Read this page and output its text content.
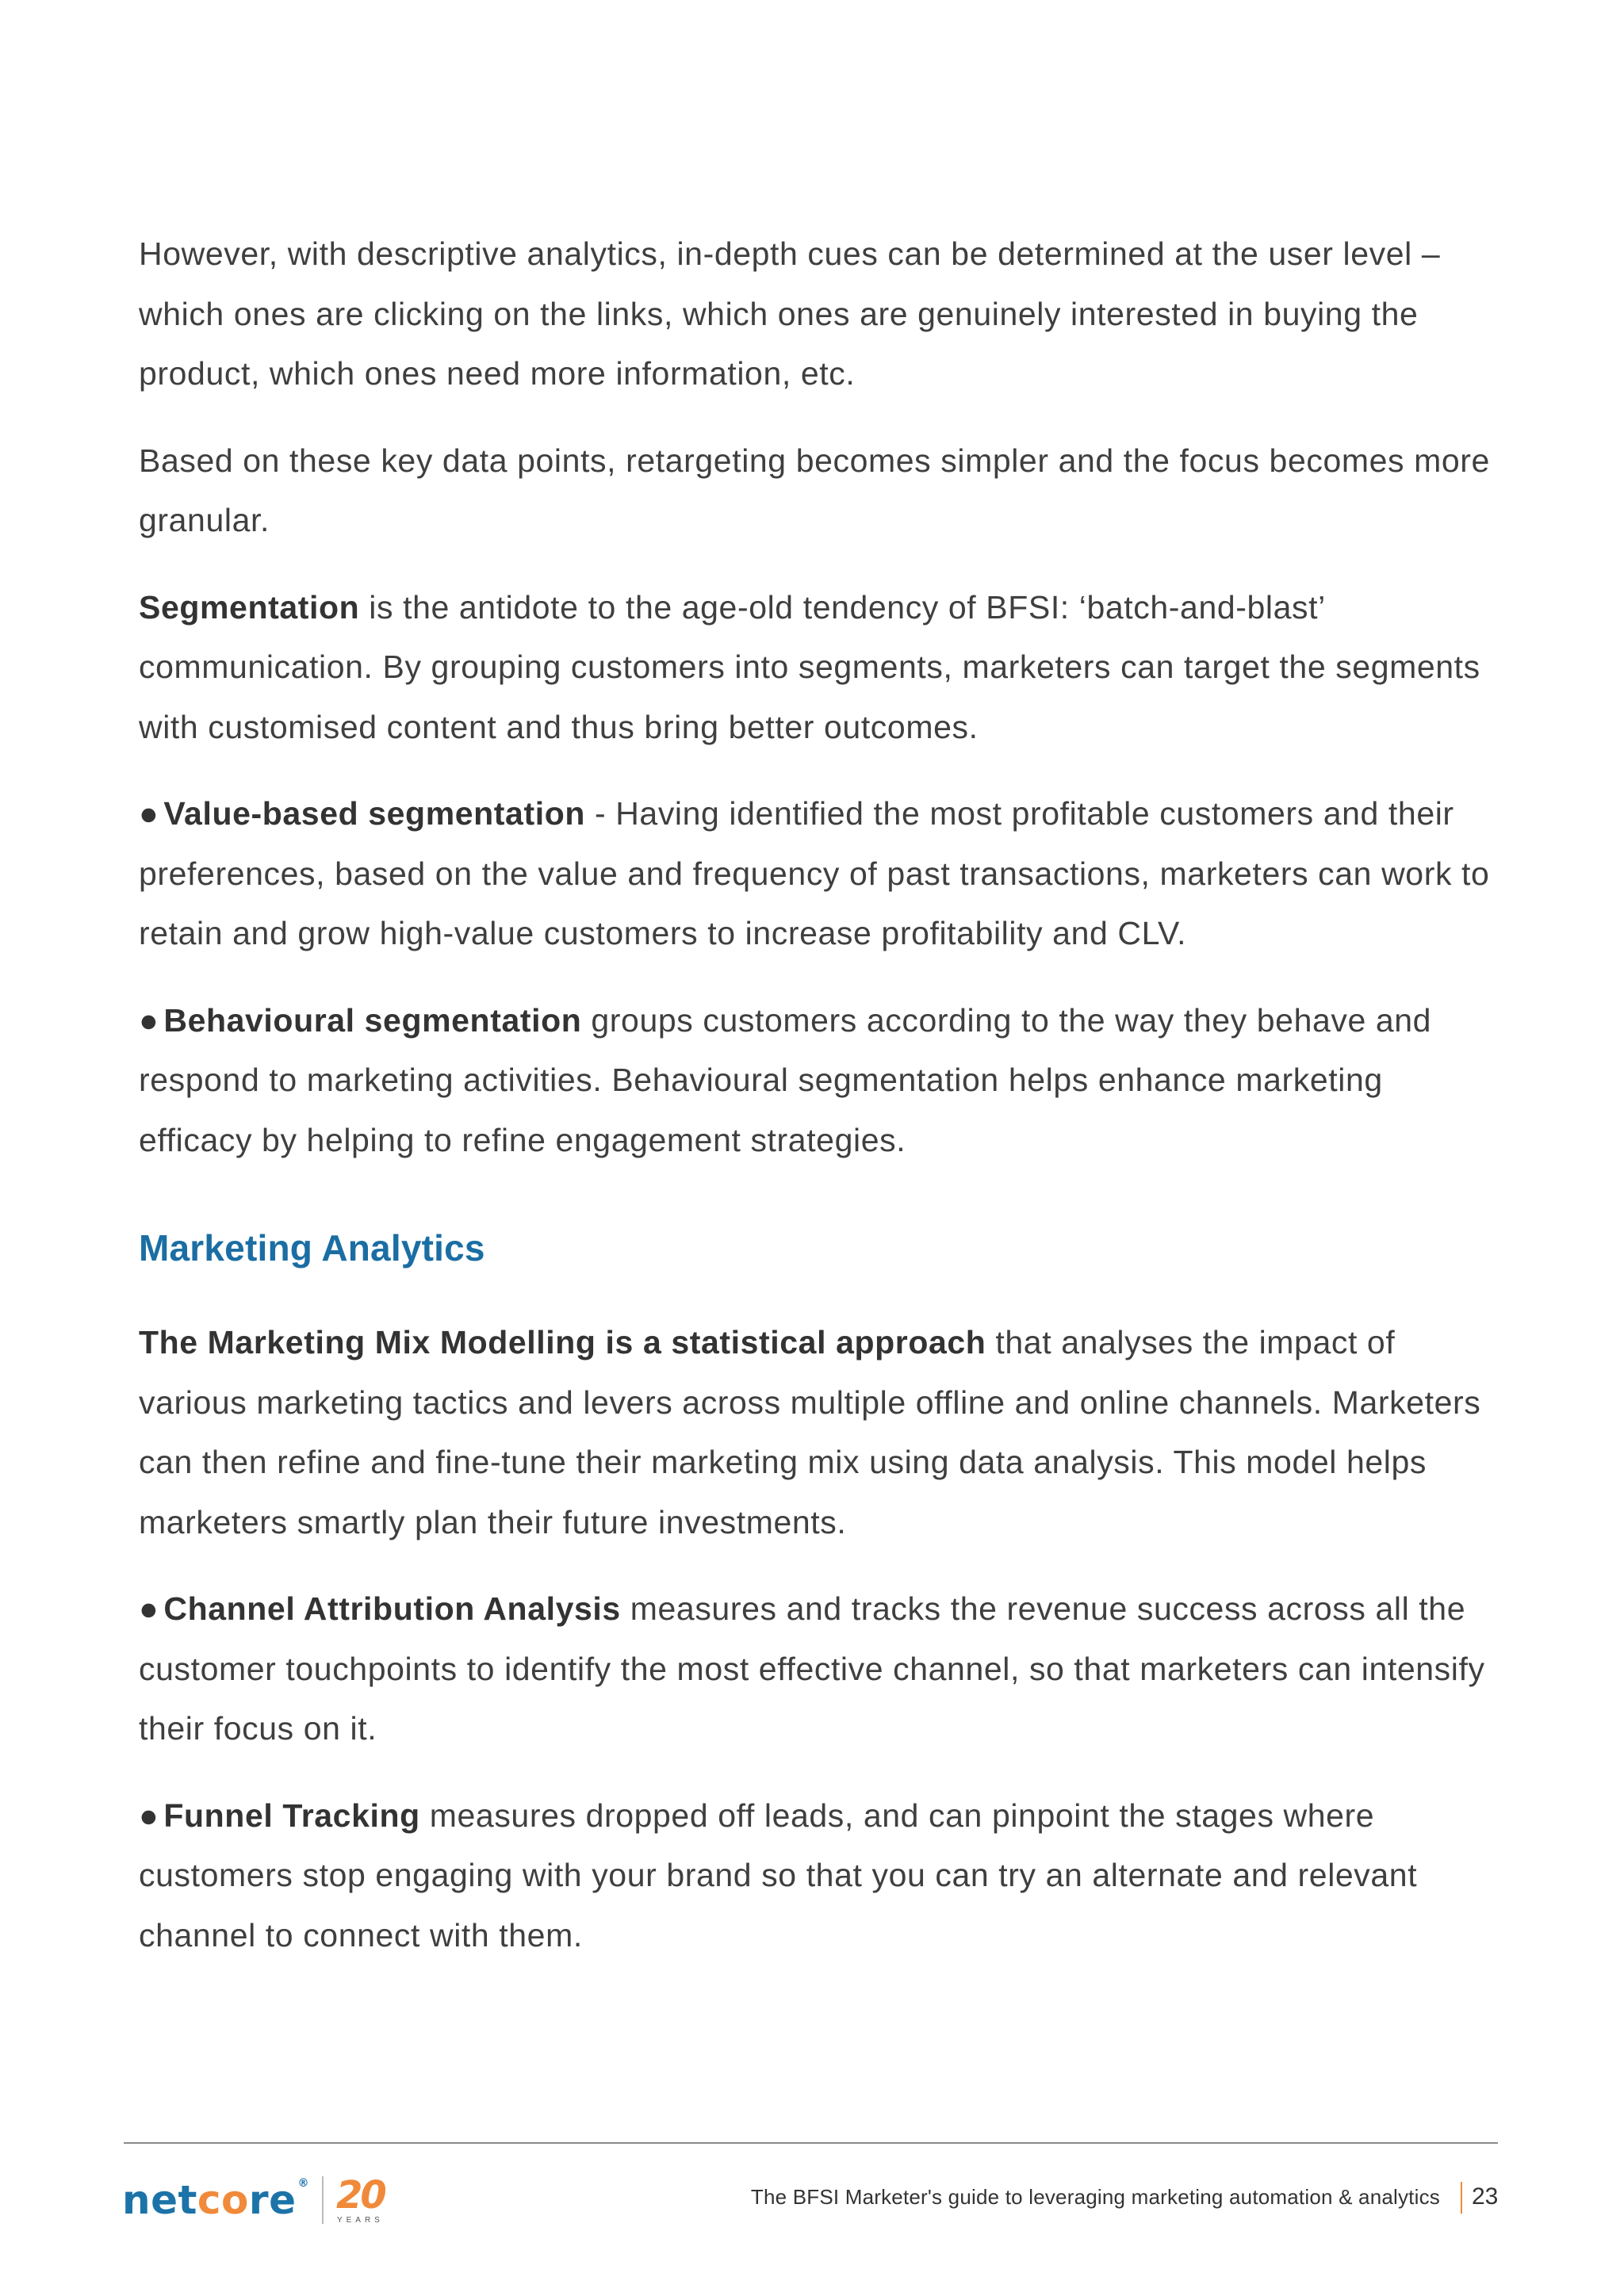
However, with descriptive analytics, in-depth cues can be determined at the user level – which ones are clicking on the links, which ones are genuinely interested in buying the product, which ones need more information, etc.

Based on these key data points, retargeting becomes simpler and the focus becomes more granular.

Segmentation is the antidote to the age-old tendency of BFSI: ‘batch-and-blast’ communication. By grouping customers into segments, marketers can target the segments with customised content and thus bring better outcomes.

● Value-based segmentation - Having identified the most profitable customers and their preferences, based on the value and frequency of past transactions, marketers can work to retain and grow high-value customers to increase profitability and CLV.

● Behavioural segmentation groups customers according to the way they behave and respond to marketing activities. Behavioural segmentation helps enhance marketing efficacy by helping to refine engagement strategies.

Marketing Analytics

The Marketing Mix Modelling is a statistical approach that analyses the impact of various marketing tactics and levers across multiple offline and online channels. Marketers can then refine and fine-tune their marketing mix using data analysis. This model helps marketers smartly plan their future investments.

● Channel Attribution Analysis measures and tracks the revenue success across all the customer touchpoints to identify the most effective channel, so that marketers can intensify their focus on it.

● Funnel Tracking measures dropped off leads, and can pinpoint the stages where customers stop engaging with your brand so that you can try an alternate and relevant channel to connect with them.

netcore ® 20
YEARS
The BFSI Marketer's guide to leveraging marketing automation & analytics 23
